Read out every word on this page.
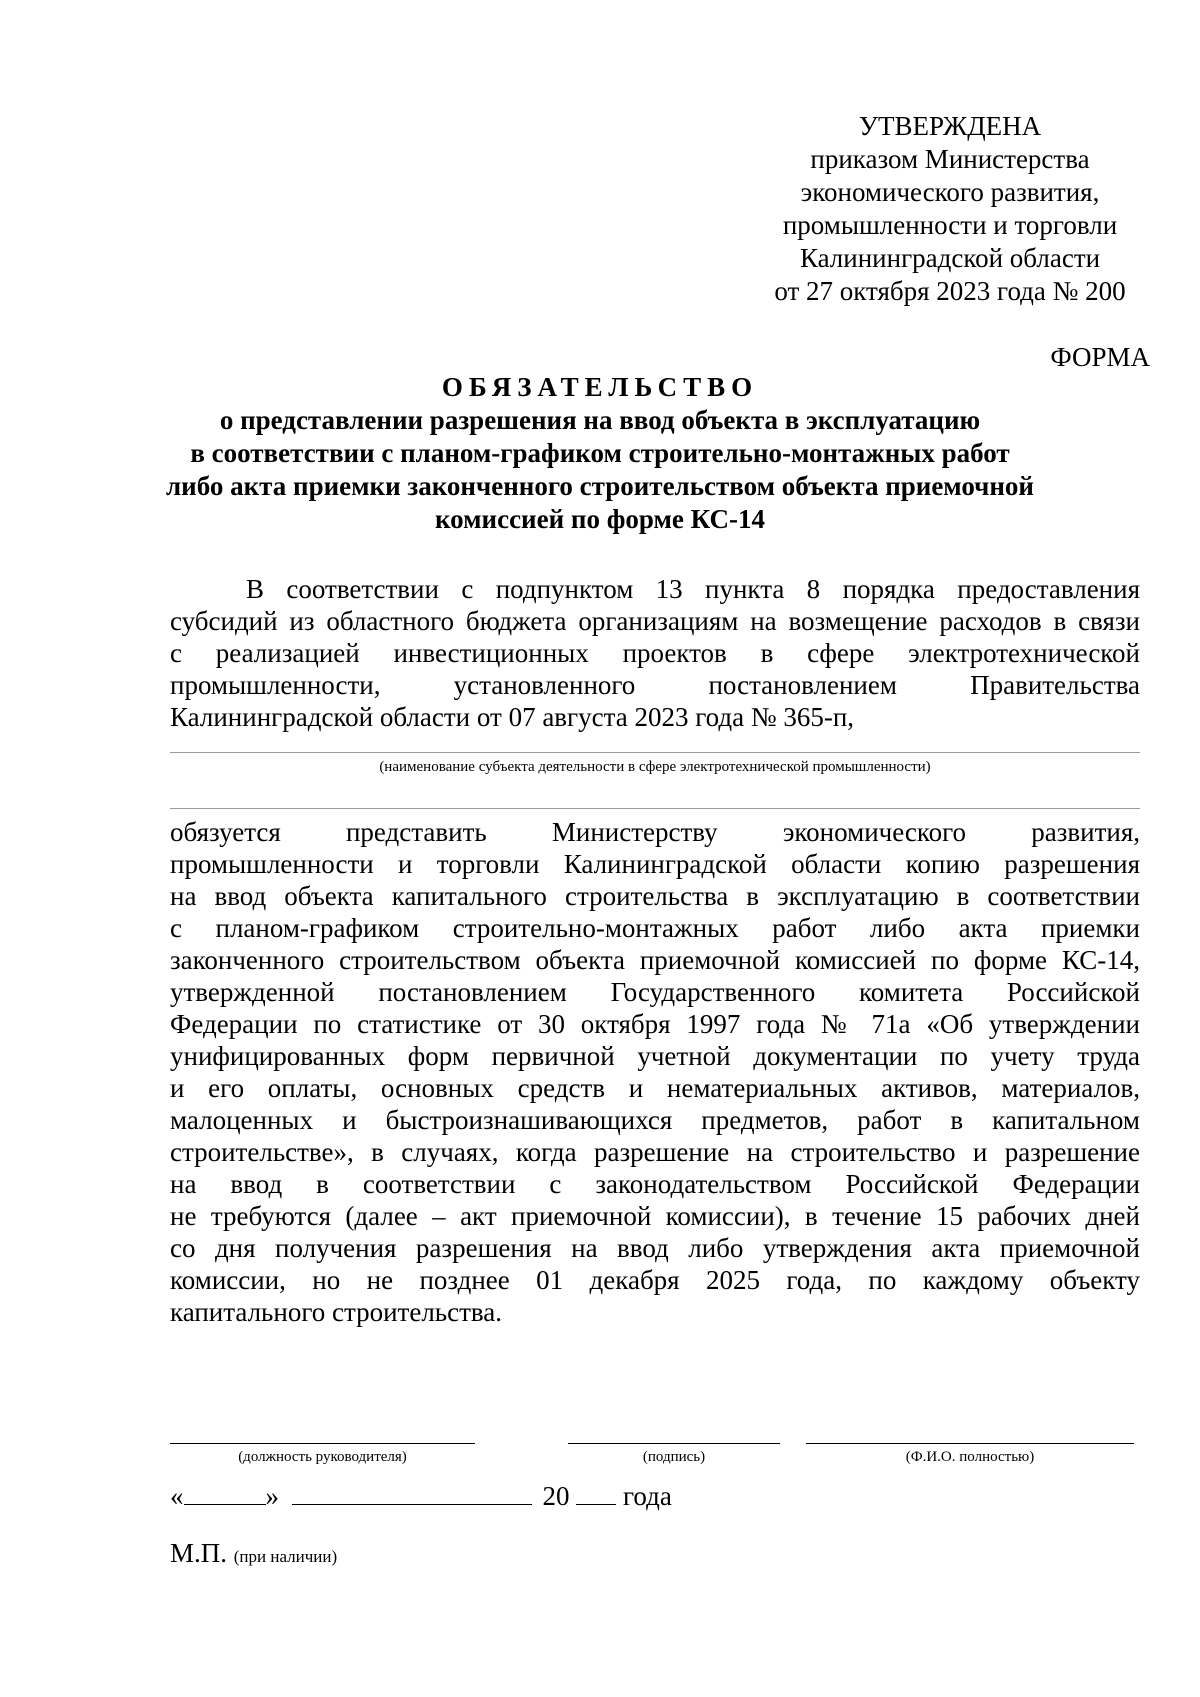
УТВЕРЖДЕНА
приказом Министерства
экономического развития,
промышленности и торговли
Калининградской области
от 27 октября 2023 года № 200
ФОРМА
ОБЯЗАТЕЛЬСТВО
о представлении разрешения на ввод объекта в эксплуатацию
в соответствии с планом-графиком строительно-монтажных работ
либо акта приемки законченного строительством объекта приемочной
комиссией по форме КС-14
В соответствии с подпунктом 13 пункта 8 порядка предоставления
субсидий из областного бюджета организациям на возмещение расходов в связи
с реализацией инвестиционных проектов в сфере электротехнической
промышленности, установленного постановлением Правительства
Калининградской области от 07 августа 2023 года № 365-п,
(наименование субъекта деятельности в сфере электротехнической промышленности)
обязуется представить Министерству экономического развития,
промышленности и торговли Калининградской области копию разрешения
на ввод объекта капитального строительства в эксплуатацию в соответствии
с планом-графиком строительно-монтажных работ либо акта приемки
законченного строительством объекта приемочной комиссией по форме КС-14,
утвержденной постановлением Государственного комитета Российской
Федерации по статистике от 30 октября 1997 года № 71а «Об утверждении
унифицированных форм первичной учетной документации по учету труда
и его оплаты, основных средств и нематериальных активов, материалов,
малоценных и быстроизнашивающихся предметов, работ в капитальном
строительстве», в случаях, когда разрешение на строительство и разрешение
на ввод в соответствии с законодательством Российской Федерации
не требуются (далее – акт приемочной комиссии), в течение 15 рабочих дней
со дня получения разрешения на ввод либо утверждения акта приемочной
комиссии, но не позднее 01 декабря 2025 года, по каждому объекту
капитального строительства.
(должность руководителя)	(подпись)	(Ф.И.О. полностью)
«	»	20 года
М.П. (при наличии)
